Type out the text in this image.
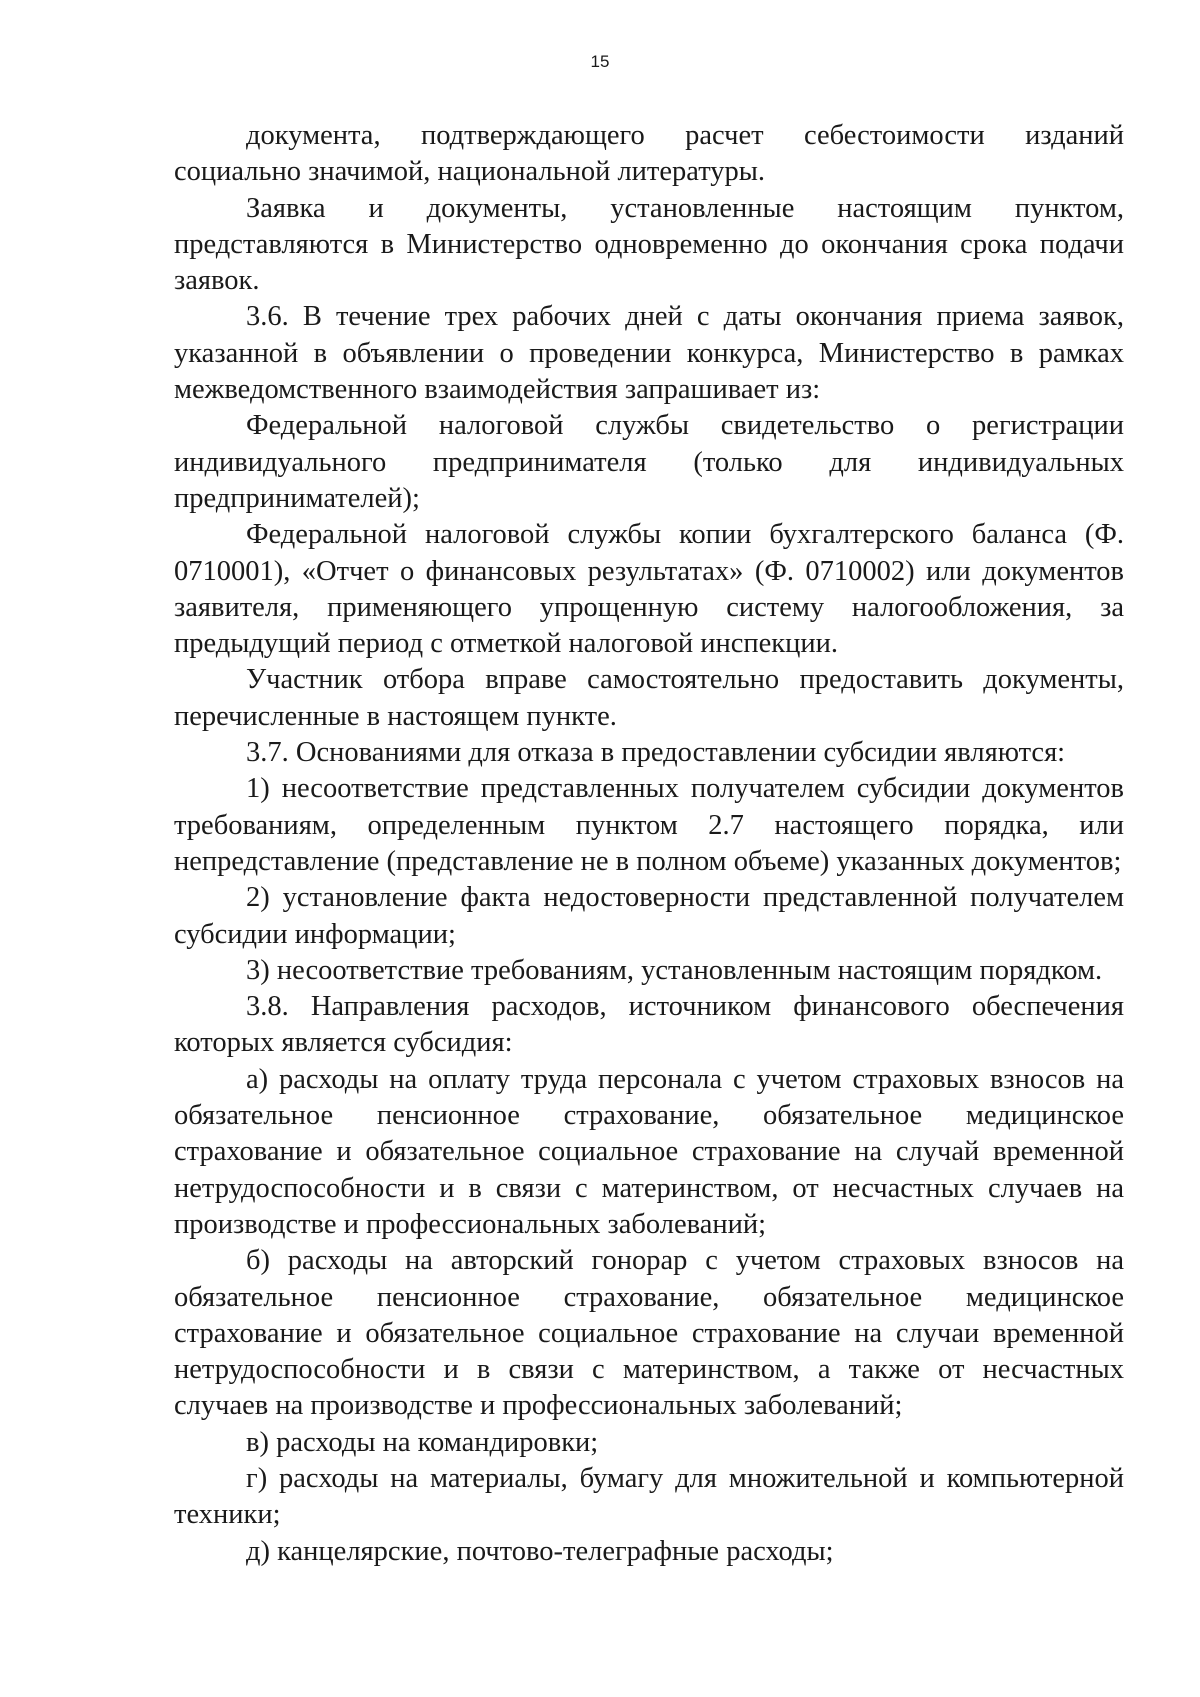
15

документа, подтверждающего расчет себестоимости изданий социально значимой, национальной литературы.

Заявка и документы, установленные настоящим пунктом, представляются в Министерство одновременно до окончания срока подачи заявок.

3.6. В течение трех рабочих дней с даты окончания приема заявок, указанной в объявлении о проведении конкурса, Министерство в рамках межведомственного взаимодействия запрашивает из:

Федеральной налоговой службы свидетельство о регистрации индивидуального предпринимателя (только для индивидуальных предпринимателей);

Федеральной налоговой службы копии бухгалтерского баланса (Ф. 0710001), «Отчет о финансовых результатах» (Ф. 0710002) или документов заявителя, применяющего упрощенную систему налогообложения, за предыдущий период с отметкой налоговой инспекции.

Участник отбора вправе самостоятельно предоставить документы, перечисленные в настоящем пункте.

3.7. Основаниями для отказа в предоставлении субсидии являются:

1) несоответствие представленных получателем субсидии документов требованиям, определенным пунктом 2.7 настоящего порядка, или непредставление (представление не в полном объеме) указанных документов;

2) установление факта недостоверности представленной получателем субсидии информации;

3) несоответствие требованиям, установленным настоящим порядком.

3.8. Направления расходов, источником финансового обеспечения которых является субсидия:

а) расходы на оплату труда персонала с учетом страховых взносов на обязательное пенсионное страхование, обязательное медицинское страхование и обязательное социальное страхование на случай временной нетрудоспособности и в связи с материнством, от несчастных случаев на производстве и профессиональных заболеваний;

б) расходы на авторский гонорар с учетом страховых взносов на обязательное пенсионное страхование, обязательное медицинское страхование и обязательное социальное страхование на случаи временной нетрудоспособности и в связи с материнством, а также от несчастных случаев на производстве и профессиональных заболеваний;

в) расходы на командировки;

г) расходы на материалы, бумагу для множительной и компьютерной техники;

д) канцелярские, почтово-телеграфные расходы;
